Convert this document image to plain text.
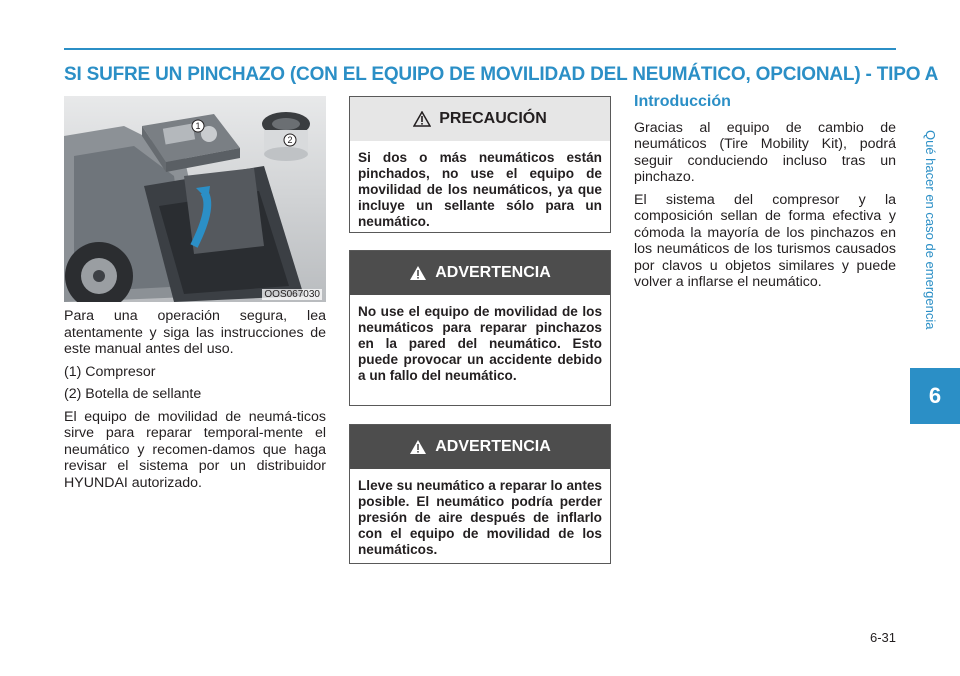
SI SUFRE UN PINCHAZO (CON EL EQUIPO DE MOVILIDAD DEL NEUMÁTICO, OPCIONAL) - TIPO A
Qué hacer en caso de emergencia
6
1
2
OOS067030

Para una operación segura, lea atentamente y siga las instrucciones de este manual antes del uso.

(1) Compresor

(2) Botella de sellante

El equipo de movilidad de neumá-ticos sirve para reparar temporal-mente el neumático y recomen-damos que haga revisar el sistema por un distribuidor HYUNDAI autorizado.

PRECAUCIÓN
Si dos o más neumáticos están pinchados, no use el equipo de movilidad de los neumáticos, ya que incluye un sellante sólo para un neumático.
ADVERTENCIA
No use el equipo de movilidad de los neumáticos para reparar pinchazos en la pared del neumático. Esto puede provocar un accidente debido a un fallo del neumático.
ADVERTENCIA
Lleve su neumático a reparar lo antes posible. El neumático podría perder presión de aire después de inflarlo con el equipo de movilidad de los neumáticos.
Introducción

Gracias al equipo de cambio de neumáticos (Tire Mobility Kit), podrá seguir conduciendo incluso tras un pinchazo.

El sistema del compresor y la composición sellan de forma efectiva y cómoda la mayoría de los pinchazos en los neumáticos de los turismos causados por clavos u objetos similares y puede volver a inflarse el neumático.

6-31
